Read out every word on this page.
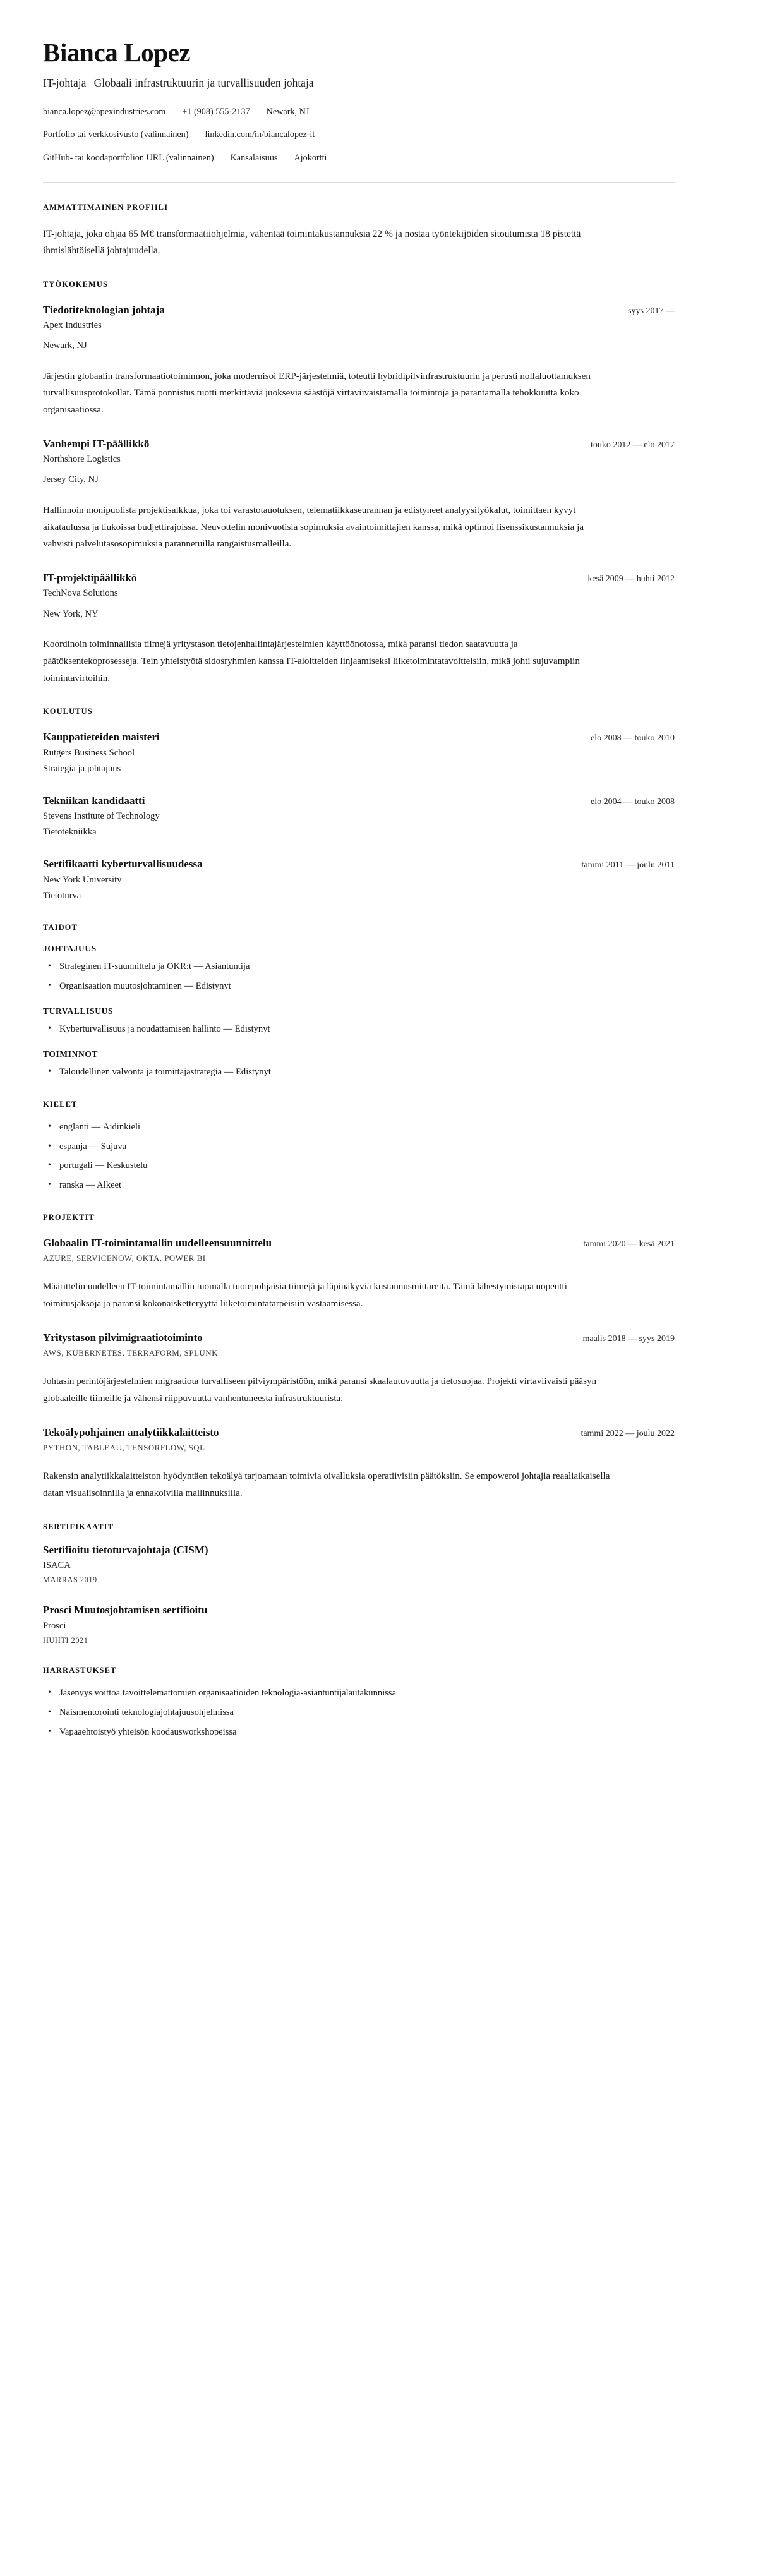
Bianca Lopez

IT-johtaja | Globaali infrastruktuurin ja turvallisuuden johtaja

bianca.lopez@apexindustries.com +1 (908) 555-2137 Newark, NJ
Portfolio tai verkkosivusto (valinnainen) linkedin.com/in/biancalopez-it
GitHub- tai koodaportfolion URL (valinnainen) Kansalaisuus Ajokortti
AMMATTIMAINEN PROFIILI

IT-johtaja, joka ohjaa 65 M€ transformaatiiohjelmia, vähentää toimintakustannuksia 22 % ja nostaa työntekijöiden sitoutumista 18 pistettä ihmislähtöisellä johtajuudella.

TYÖKOKEMUS
Tiedotiteknologian johtaja	syys 2017 —

Apex Industries

Newark, NJ

Järjestin globaalin transformaatiotoiminnon, joka modernisoi ERP-järjestelmiä, toteutti hybridipilvinfrastruktuurin ja perusti nollaluottamuksen turvallisuusprotokollat. Tämä ponnistus tuotti merkittäviä juoksevia säästöjä virtaviivaistamalla toimintoja ja parantamalla tehokkuutta koko organisaatiossa.

Vanhempi IT-päällikkö	touko 2012 — elo 2017

Northshore Logistics

Jersey City, NJ

Hallinnoin monipuolista projektisalkkua, joka toi varastotauotuksen, telematiikkaseurannan ja edistyneet analyysityökalut, toimittaen kyvyt aikataulussa ja tiukoissa budjettirajoissa. Neuvottelin monivuotisia sopimuksia avaintoimittajien kanssa, mikä optimoi lisenssikustannuksia ja vahvisti palvelutasosopimuksia parannetuilla rangaistusmalleilla.

IT-projektipäällikkö	kesä 2009 — huhti 2012

TechNova Solutions

New York, NY

Koordinoin toiminnallisia tiimejä yritystason tietojenhallintajärjestelmien käyttöönotossa, mikä paransi tiedon saatavuutta ja päätöksentekoprosesseja. Tein yhteistyötä sidosryhmien kanssa IT-aloitteiden linjaamiseksi liiketoimintatavoitteisiin, mikä johti sujuvampiin toimintavirtoihin.

KOULUTUS
Kauppatieteiden maisteri	elo 2008 — touko 2010

Rutgers Business School

Strategia ja johtajuus

Tekniikan kandidaatti	elo 2004 — touko 2008

Stevens Institute of Technology

Tietotekniikka

Sertifikaatti kyberturvallisuudessa	tammi 2011 — joulu 2011

New York University

Tietoturva

TAIDOT
JOHTAJUUS
• Strateginen IT-suunnittelu ja OKR:t — Asiantuntija
• Organisaation muutosjohtaminen — Edistynyt
TURVALLISUUS
• Kyberturvallisuus ja noudattamisen hallinto — Edistynyt
TOIMINNOT
• Taloudellinen valvonta ja toimittajastrategia — Edistynyt
KIELET
• englanti — Äidinkieli
• espanja — Sujuva
• portugali — Keskustelu
• ranska — Alkeet
PROJEKTIT
Globaalin IT-toimintamallin uudelleensuunnittelu	tammi 2020 — kesä 2021

AZURE, SERVICENOW, OKTA, POWER BI

Määrittelin uudelleen IT-toimintamallin tuomalla tuotepohjaisia tiimejä ja läpinäkyviä kustannusmittareita. Tämä lähestymistapa nopeutti toimitusjaksoja ja paransi kokonaisketteryyttä liiketoimintatarpeisiin vastaamisessa.

Yritystason pilvimigraatiotoiminto	maalis 2018 — syys 2019

AWS, KUBERNETES, TERRAFORM, SPLUNK

Johtasin perintöjärjestelmien migraatiota turvalliseen pilviympäristöön, mikä paransi skaalautuvuutta ja tietosuojaa. Projekti virtaviivaisti pääsyn globaaleille tiimeille ja vähensi riippuvuutta vanhentuneesta infrastruktuurista.

Tekoälypohjainen analytiikkalaitteisto	tammi 2022 — joulu 2022

PYTHON, TABLEAU, TENSORFLOW, SQL

Rakensin analytiikkalaitteiston hyödyntäen tekoälyä tarjoamaan toimivia oivalluksia operatiivisiin päätöksiin. Se empoweroi johtajia reaaliaikaisella datan visualisoinnilla ja ennakoivilla mallinnuksilla.

SERTIFIKAATIT
Sertifioitu tietoturvajohtaja (CISM)

ISACA

MARRAS 2019

Prosci Muutosjohtamisen sertifioitu

Prosci

HUHTI 2021

HARRASTUKSET
• Jäsenyys voittoa tavoittelemattomien organisaatioiden teknologia-asiantuntijalautakunnissa
• Naismentorointi teknologiajohtajuusohjelmissa
• Vapaaehtoistyö yhteisön koodausworkshopeissa
